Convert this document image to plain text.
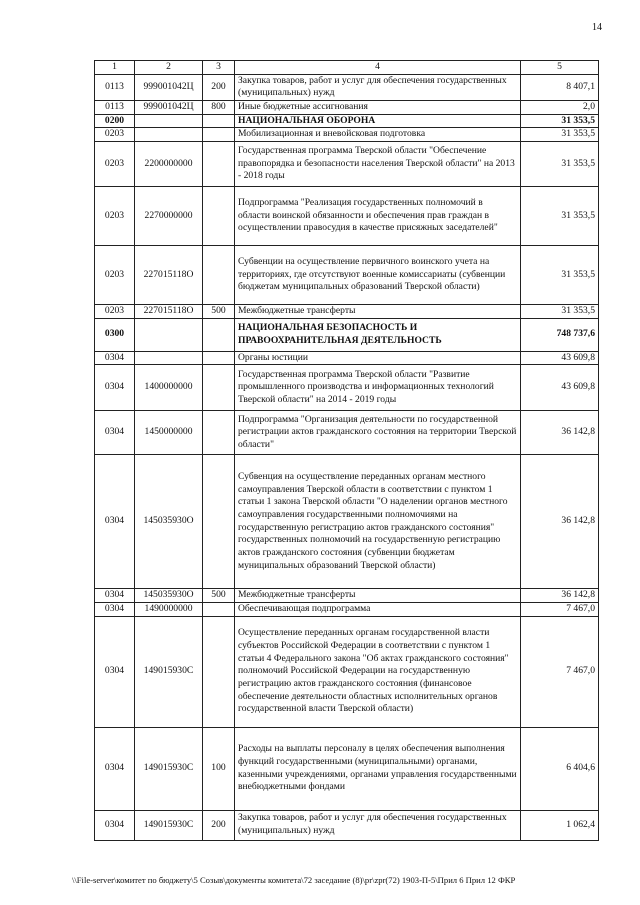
14
1	2	3	4	5
0113	999001042Ц	200	Закупка товаров, работ и услуг для обеспечения государственных (муниципальных) нужд	8 407,1
0113	999001042Ц	800	Иные бюджетные ассигнования	2,0
0200			НАЦИОНАЛЬНАЯ ОБОРОНА	31 353,5
0203			Мобилизационная и вневойсковая подготовка	31 353,5
0203	2200000000		Государственная программа Тверской области "Обеспечение правопорядка и безопасности населения Тверской области" на 2013 - 2018 годы	31 353,5
0203	2270000000		Подпрограмма "Реализация государственных полномочий в области воинской обязанности и обеспечения прав граждан в осуществлении правосудия в качестве присяжных заседателей"	31 353,5
0203	227015118О		Субвенции на осуществление первичного воинского учета на территориях, где отсутствуют военные комиссариаты (субвенции бюджетам муниципальных образований Тверской области)	31 353,5
0203	227015118О	500	Межбюджетные трансферты	31 353,5
0300			НАЦИОНАЛЬНАЯ БЕЗОПАСНОСТЬ И ПРАВООХРАНИТЕЛЬНАЯ ДЕЯТЕЛЬНОСТЬ	748 737,6
0304			Органы юстиции	43 609,8
0304	1400000000		Государственная программа Тверской области "Развитие промышленного производства и информационных технологий Тверской области" на 2014 - 2019 годы	43 609,8
0304	1450000000		Подпрограмма "Организация деятельности по государственной регистрации актов гражданского состояния на территории Тверской области"	36 142,8
0304	145035930О		Субвенция на осуществление переданных органам местного самоуправления Тверской области в соответствии с пунктом 1 статьи 1 закона Тверской области "О наделении органов местного самоуправления государственными полномочиями на государственную регистрацию актов гражданского состояния" государственных полномочий на государственную регистрацию актов гражданского состояния (субвенции бюджетам муниципальных образований Тверской области)	36 142,8
0304	145035930О	500	Межбюджетные трансферты	36 142,8
0304	1490000000		Обеспечивающая подпрограмма	7 467,0
0304	149015930С		Осуществление переданных органам государственной власти субъектов Российской Федерации в соответствии с пунктом 1 статьи 4 Федерального закона "Об актах гражданского состояния" полномочий Российской Федерации на государственную регистрацию актов гражданского состояния (финансовое обеспечение деятельности областных исполнительных органов государственной власти Тверской области)	7 467,0
0304	149015930С	100	Расходы на выплаты персоналу в целях обеспечения выполнения функций государственными (муниципальными) органами, казенными учреждениями, органами управления государственными внебюджетными фондами	6 404,6
0304	149015930С	200	Закупка товаров, работ и услуг для обеспечения государственных (муниципальных) нужд	1 062,4
\\File-server\комитет по бюджету\5 Созыв\документы комитета\72 заседание (8)\pr\zpr(72) 1903-П-5\Прил 6 Прил 12 ФКР
